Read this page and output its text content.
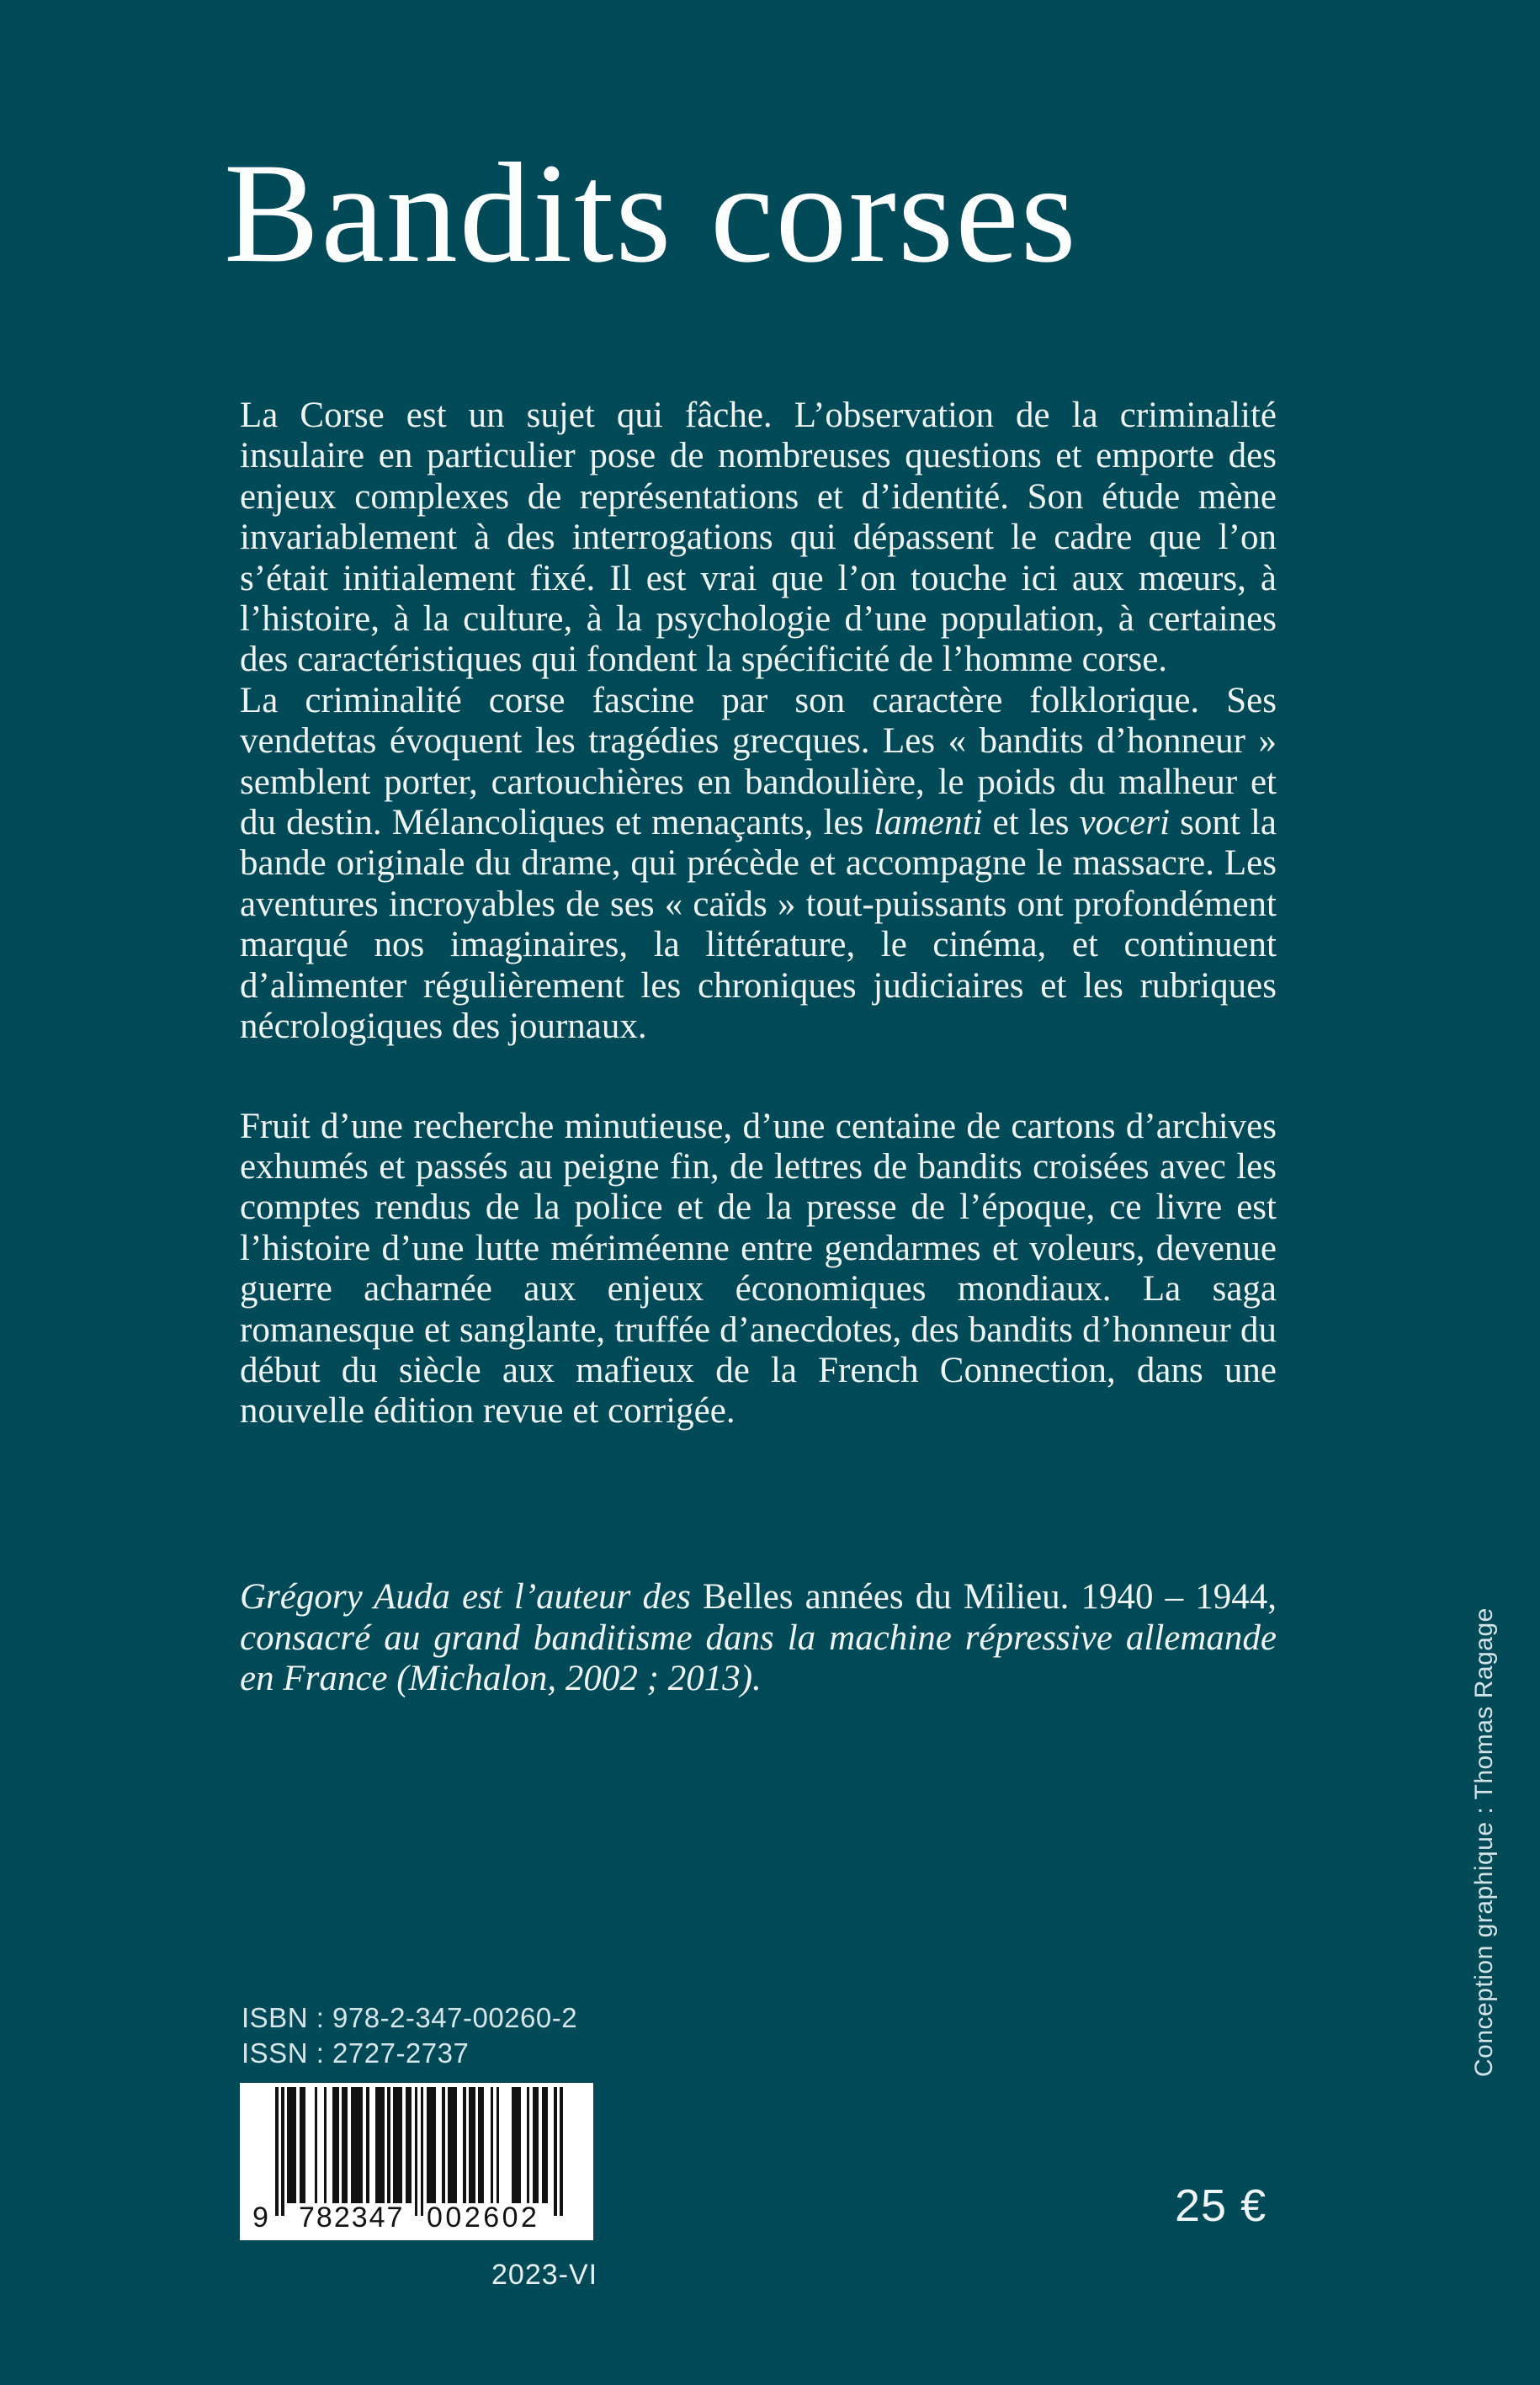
Bandits corses

La Corse est un sujet qui fâche. L’observation de la criminalité insulaire en particulier pose de nombreuses questions et emporte des enjeux complexes de représentations et d’identité. Son étude mène invariablement à des interrogations qui dépassent le cadre que l’on s’était initialement fixé. Il est vrai que l’on touche ici aux mœurs, à l’histoire, à la culture, à la psychologie d’une population, à certaines des caractéristiques qui fondent la spécificité de l’homme corse.

La criminalité corse fascine par son caractère folklorique. Ses vendettas évoquent les tragédies grecques. Les « bandits d’honneur » semblent porter, cartouchières en bandoulière, le poids du malheur et du destin. Mélancoliques et menaçants, les lamenti et les voceri sont la bande originale du drame, qui précède et accompagne le massacre. Les aventures incroyables de ses « caïds » tout-puissants ont profondément marqué nos imaginaires, la littérature, le cinéma, et continuent d’alimenter régulièrement les chroniques judiciaires et les rubriques nécrologiques des journaux.

Fruit d’une recherche minutieuse, d’une centaine de cartons d’archives exhumés et passés au peigne fin, de lettres de bandits croisées avec les comptes rendus de la police et de la presse de l’époque, ce livre est l’histoire d’une lutte mériméenne entre gendarmes et voleurs, devenue guerre acharnée aux enjeux économiques mondiaux. La saga romanesque et sanglante, truffée d’anecdotes, des bandits d’honneur du début du siècle aux mafieux de la French Connection, dans une nouvelle édition revue et corrigée.

Grégory Auda est l’auteur des Belles années du Milieu. 1940 – 1944, consacré au grand banditisme dans la machine répressive allemande en France (Michalon, 2002 ; 2013).
ISBN : 978-2-347-00260-2
ISSN : 2727-2737
9 782347 002602
2023-VI
25 €
Conception graphique : Thomas Ragage
